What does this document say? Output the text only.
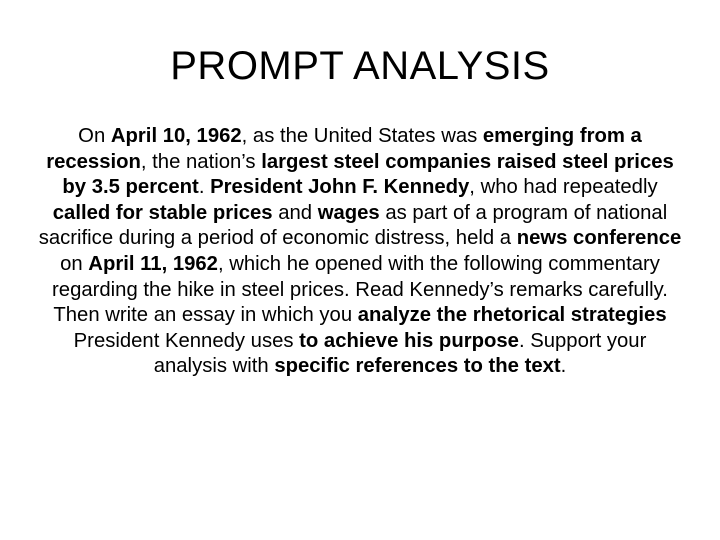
PROMPT ANALYSIS
On April 10, 1962, as the United States was emerging from a recession, the nation’s largest steel companies raised steel prices by 3.5 percent. President John F. Kennedy, who had repeatedly called for stable prices and wages as part of a program of national sacrifice during a period of economic distress, held a news conference on April 11, 1962, which he opened with the following commentary regarding the hike in steel prices. Read Kennedy’s remarks carefully. Then write an essay in which you analyze the rhetorical strategies President Kennedy uses to achieve his purpose. Support your analysis with specific references to the text.
